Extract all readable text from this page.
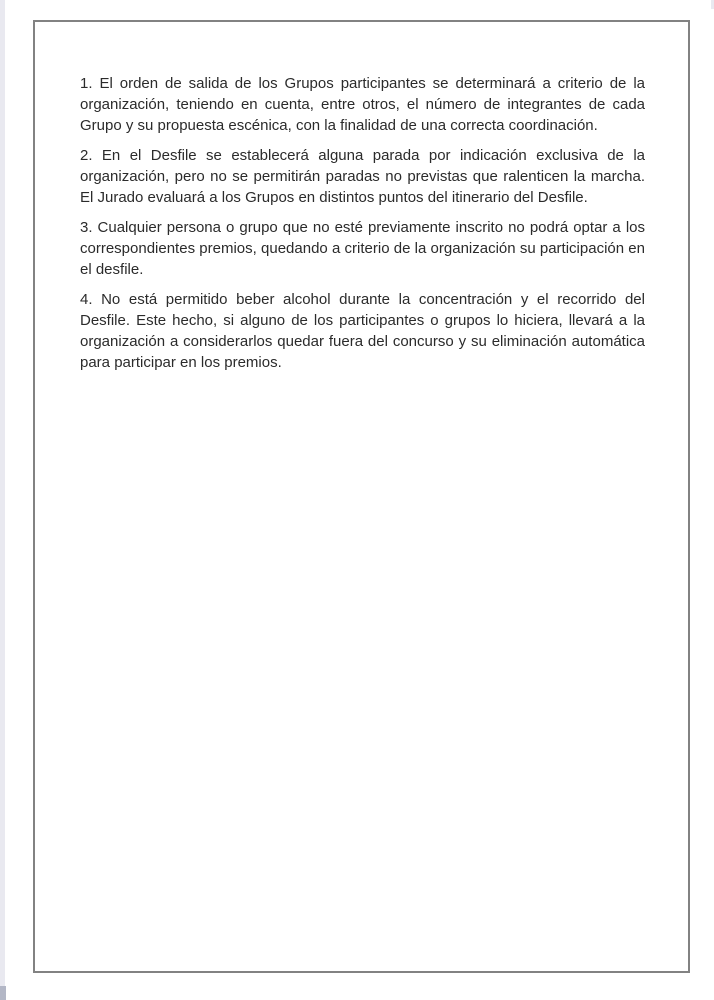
1. El orden de salida de los Grupos participantes se determinará a criterio de la organización, teniendo en cuenta, entre otros, el número de integrantes de cada Grupo y su propuesta escénica, con la finalidad de una correcta coordinación.

2. En el Desfile se establecerá alguna parada por indicación exclusiva de la organización, pero no se permitirán paradas no previstas que ralenticen la marcha. El Jurado evaluará a los Grupos en distintos puntos del itinerario del Desfile.

3. Cualquier persona o grupo que no esté previamente inscrito no podrá optar a los correspondientes premios, quedando a criterio de la organización su participación en el desfile.

4. No está permitido beber alcohol durante la concentración y el recorrido del Desfile. Este hecho, si alguno de los participantes o grupos lo hiciera, llevará a la organización a considerarlos quedar fuera del concurso y su eliminación automática para participar en los premios.
